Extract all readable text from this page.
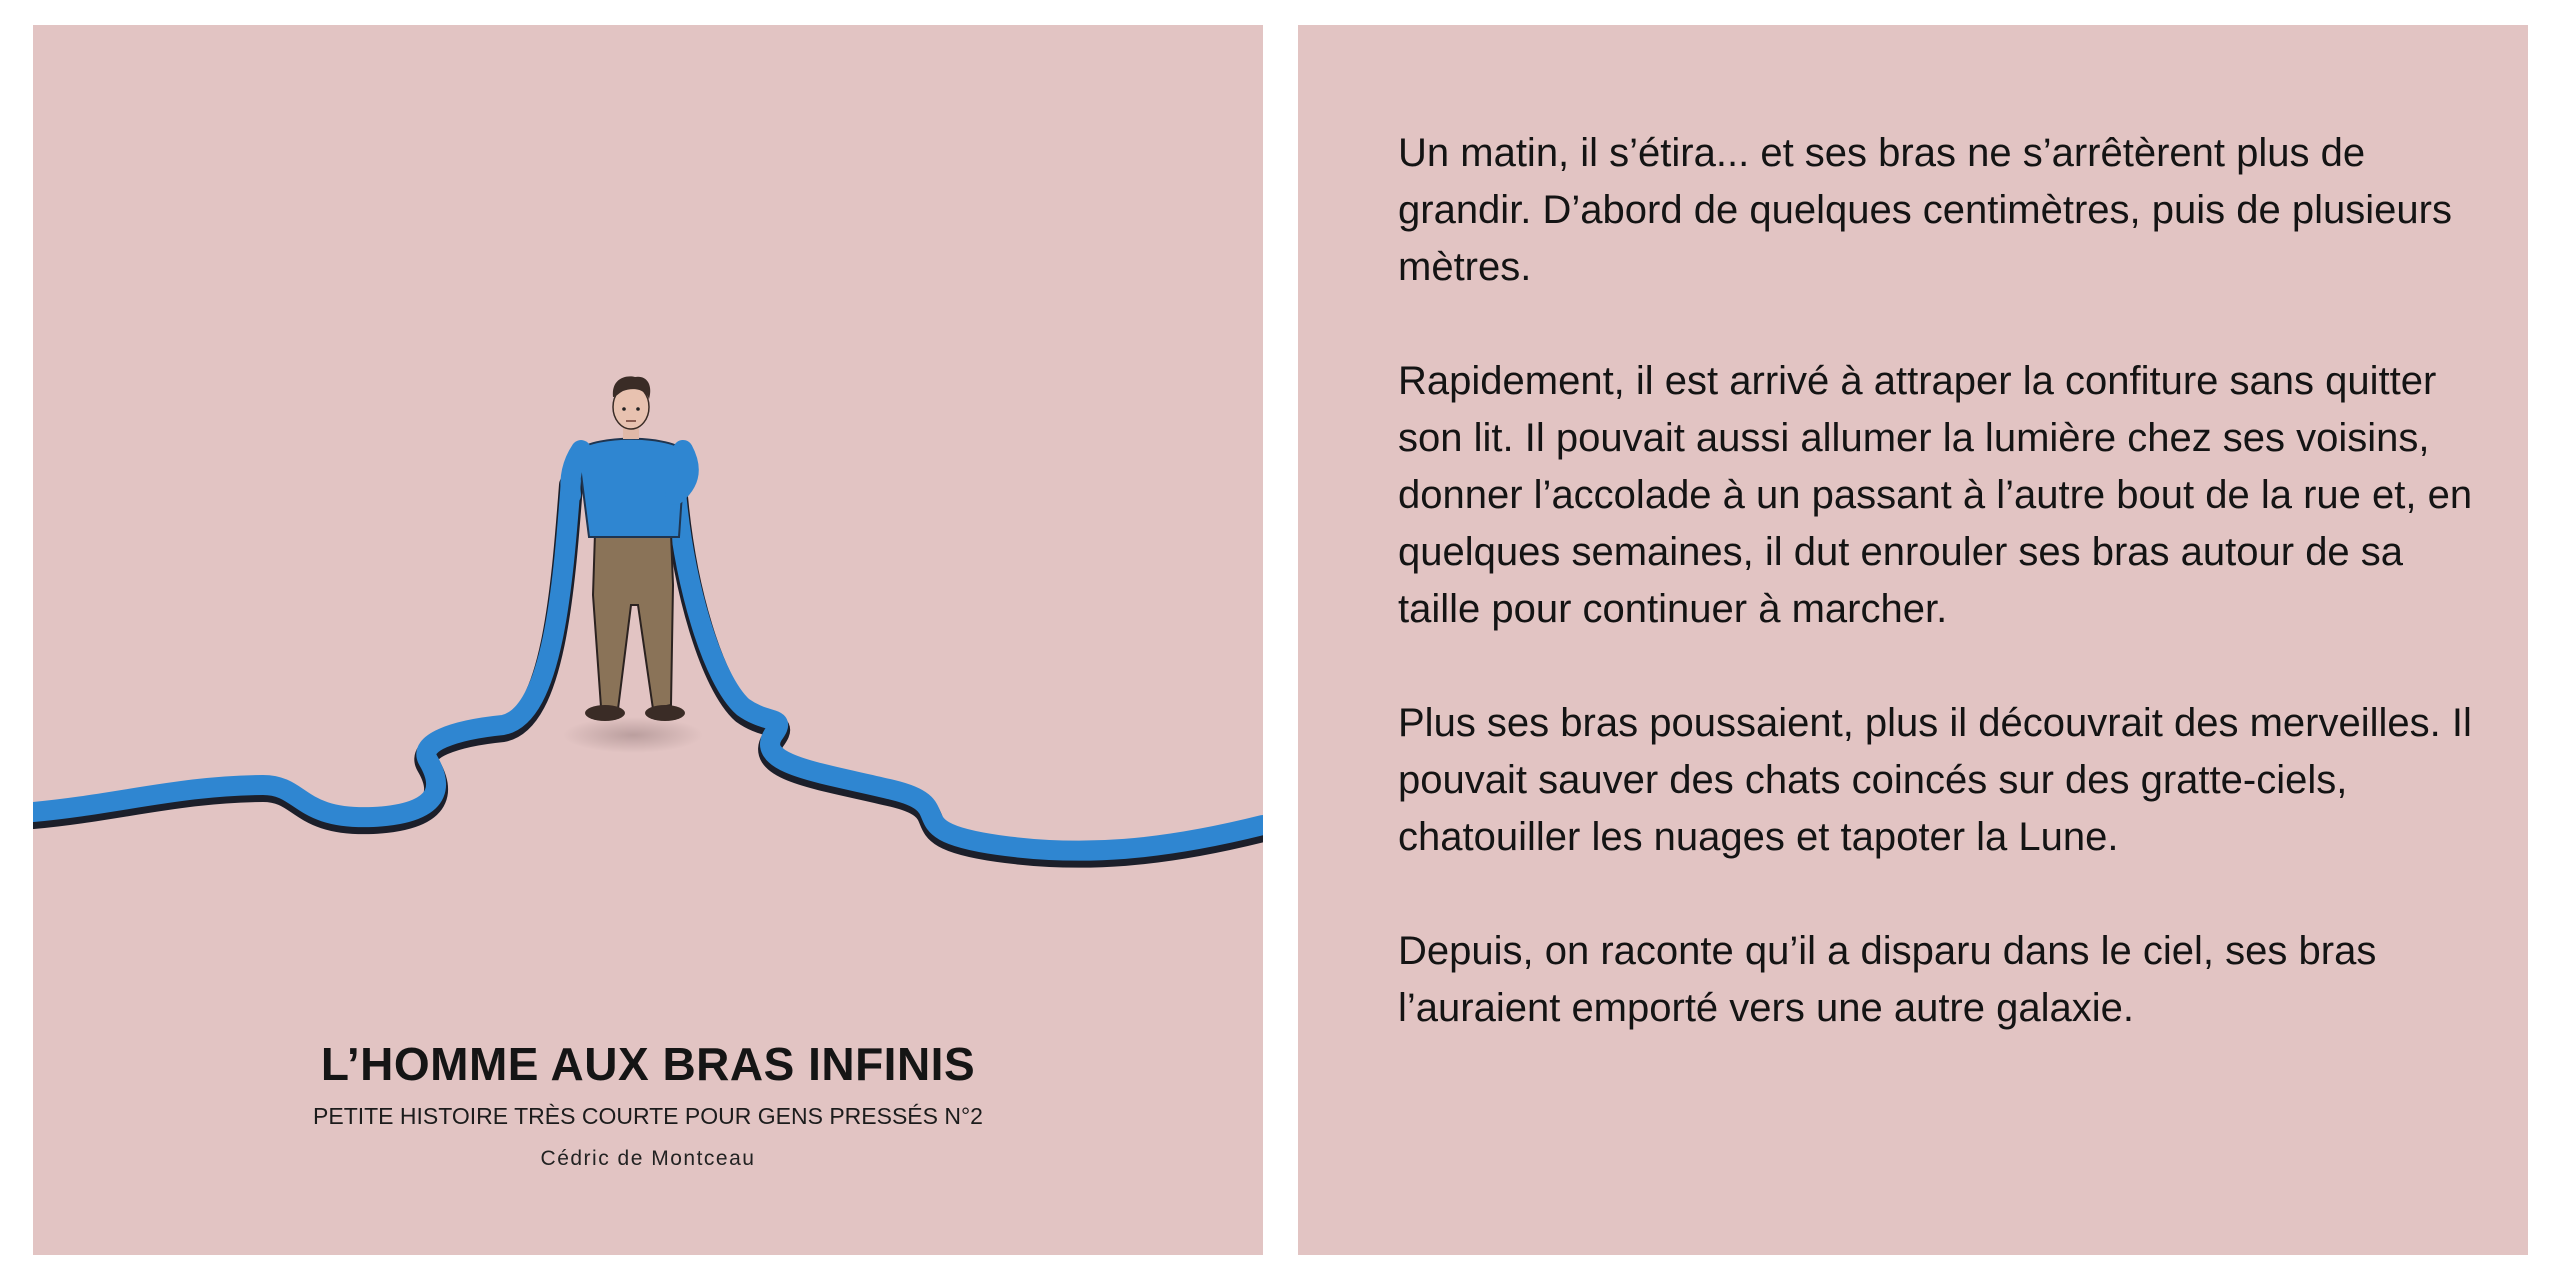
L’HOMME AUX BRAS INFINIS
PETITE HISTOIRE TRÈS COURTE POUR GENS PRESSÉS N°2
Cédric de Montceau

Un matin, il s’étira... et ses bras ne s’arrêtèrent plus de grandir. D’abord de quelques centimètres, puis de plusieurs mètres.

Rapidement, il est arrivé à attraper la confiture sans quitter son lit. Il pouvait aussi allumer la lumière chez ses voisins, donner l’accolade à un passant à l’autre bout de la rue et, en quelques semaines, il dut enrouler ses bras autour de sa taille pour continuer à marcher.

Plus ses bras poussaient, plus il découvrait des merveilles. Il pouvait sauver des chats coincés sur des gratte-ciels, chatouiller les nuages et tapoter la Lune.

Depuis, on raconte qu’il a disparu dans le ciel, ses bras l’auraient emporté vers une autre galaxie.
